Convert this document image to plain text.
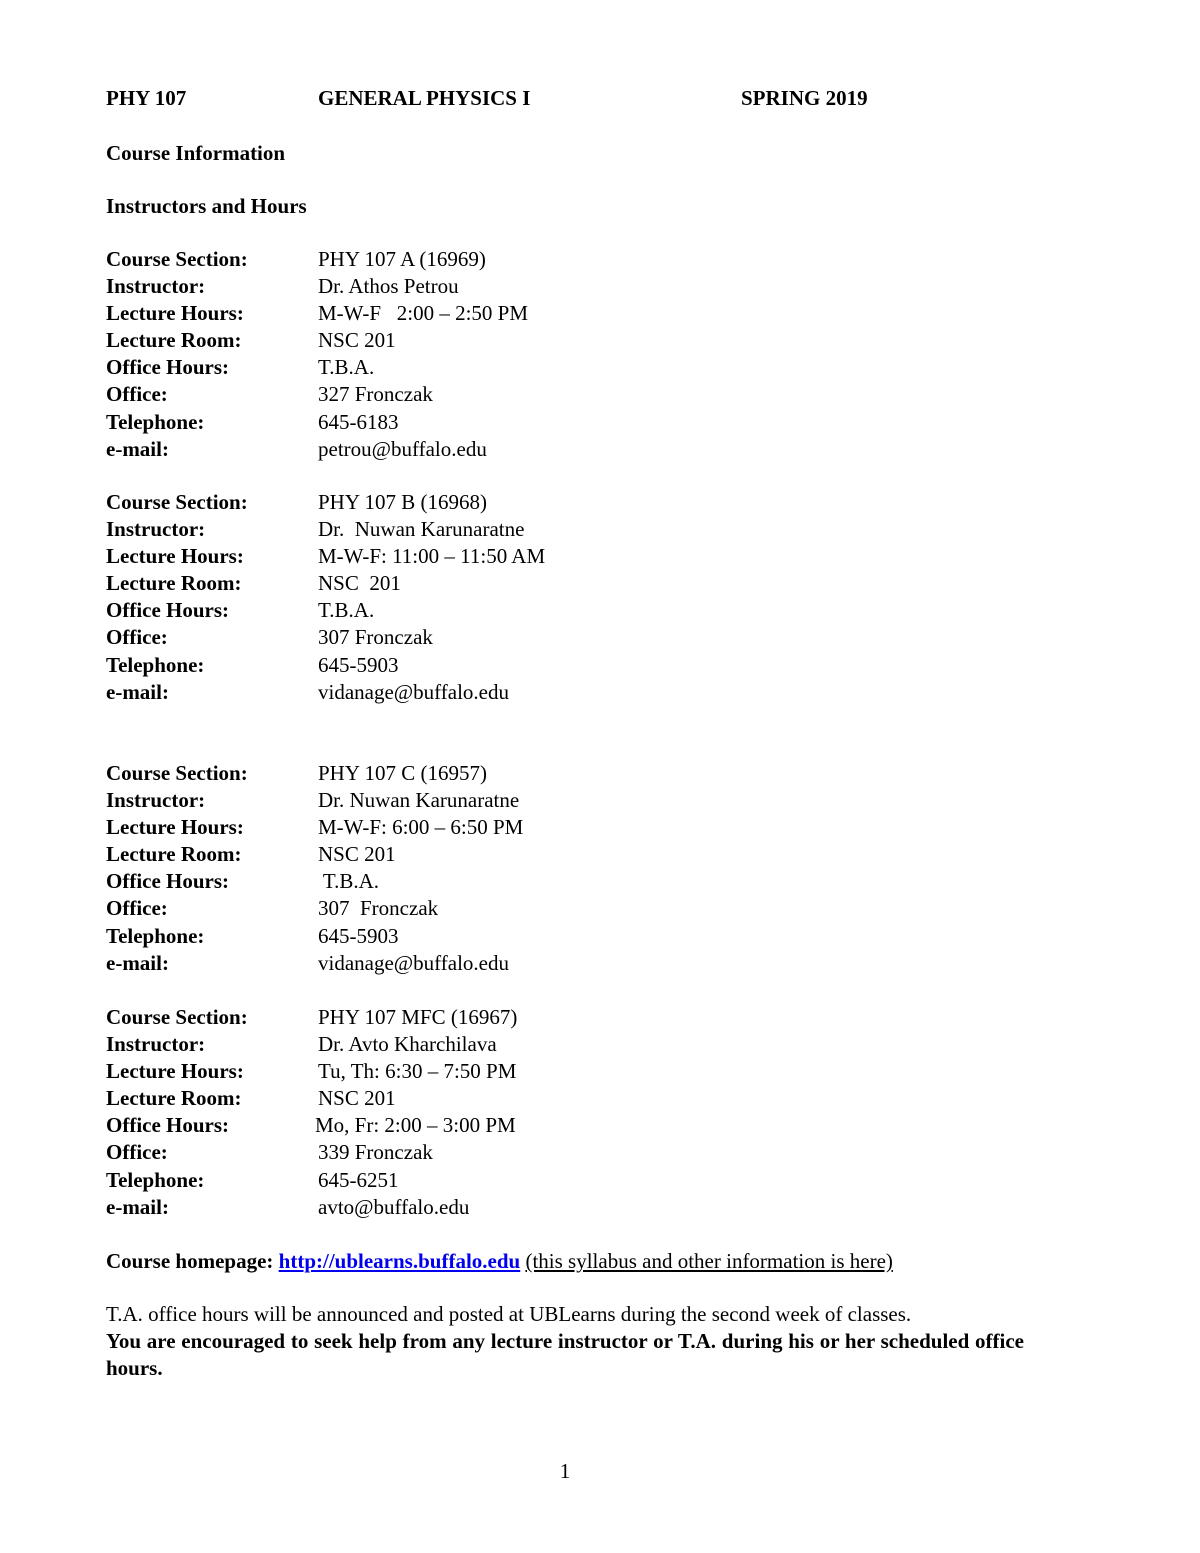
PHY 107	GENERAL PHYSICS I	SPRING 2019
Course Information
Instructors and Hours
Course Section:	PHY 107 A (16969)
Instructor:	Dr. Athos Petrou
Lecture Hours:	M-W-F   2:00 – 2:50 PM
Lecture Room:	NSC 201
Office Hours:	T.B.A.
Office:	327 Fronczak
Telephone:	645-6183
e-mail:	petrou@buffalo.edu
Course Section:	PHY 107 B (16968)
Instructor:	Dr.  Nuwan Karunaratne
Lecture Hours:	M-W-F: 11:00 – 11:50 AM
Lecture Room:	NSC  201
Office Hours:	T.B.A.
Office:	307 Fronczak
Telephone:	645-5903
e-mail:	vidanage@buffalo.edu
Course Section:	PHY 107 C (16957)
Instructor:	Dr. Nuwan Karunaratne
Lecture Hours:	M-W-F: 6:00 – 6:50 PM
Lecture Room:	NSC 201
Office Hours:	T.B.A.
Office:	307  Fronczak
Telephone:	645-5903
e-mail:	vidanage@buffalo.edu
Course Section:	PHY 107 MFC (16967)
Instructor:	Dr. Avto Kharchilava
Lecture Hours:	Tu, Th: 6:30 – 7:50 PM
Lecture Room:	NSC 201
Office Hours:	Mo, Fr: 2:00 – 3:00 PM
Office:	339 Fronczak
Telephone:	645-6251
e-mail:	avto@buffalo.edu
Course homepage: http://ublearns.buffalo.edu (this syllabus and other information is here)
T.A. office hours will be announced and posted at UBLearns during the second week of classes.
You are encouraged to seek help from any lecture instructor or T.A. during his or her scheduled office hours.
1
